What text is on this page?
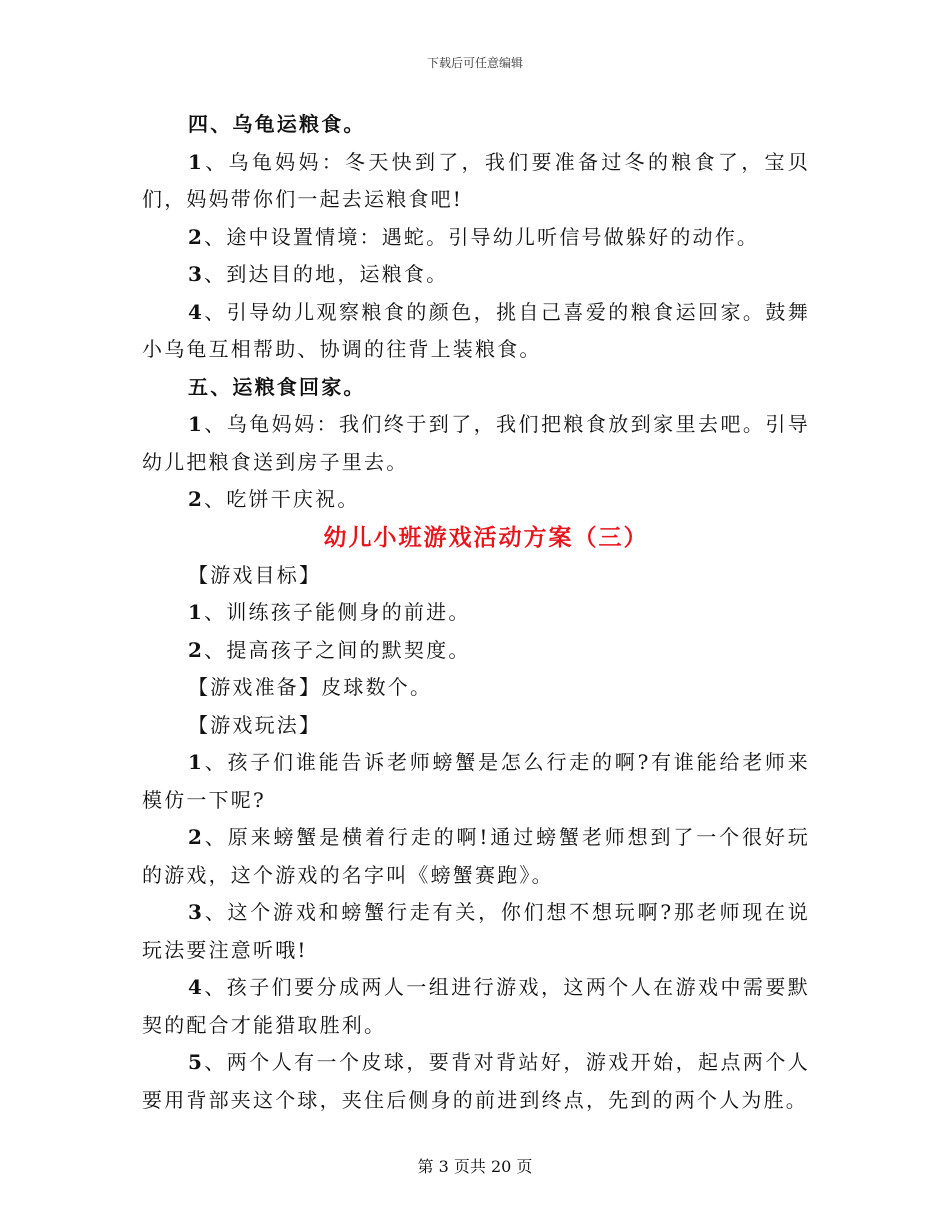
下载后可任意编辑

四、乌龟运粮食。

1、乌龟妈妈：冬天快到了，我们要准备过冬的粮食了，宝贝们，妈妈带你们一起去运粮食吧!

2、途中设置情境：遇蛇。引导幼儿听信号做躲好的动作。

3、到达目的地，运粮食。

4、引导幼儿观察粮食的颜色，挑自己喜爱的粮食运回家。鼓舞小乌龟互相帮助、协调的往背上装粮食。

五、运粮食回家。

1、乌龟妈妈：我们终于到了，我们把粮食放到家里去吧。引导幼儿把粮食送到房子里去。

2、吃饼干庆祝。

幼儿小班游戏活动方案（三）

【游戏目标】

1、训练孩子能侧身的前进。

2、提高孩子之间的默契度。

【游戏准备】皮球数个。

【游戏玩法】

1、孩子们谁能告诉老师螃蟹是怎么行走的啊?有谁能给老师来模仿一下呢?

2、原来螃蟹是横着行走的啊!通过螃蟹老师想到了一个很好玩的游戏，这个游戏的名字叫《螃蟹赛跑》。

3、这个游戏和螃蟹行走有关，你们想不想玩啊?那老师现在说玩法要注意听哦!

4、孩子们要分成两人一组进行游戏，这两个人在游戏中需要默契的配合才能猎取胜利。

5、两个人有一个皮球，要背对背站好，游戏开始，起点两个人要用背部夹这个球，夹住后侧身的前进到终点，先到的两个人为胜。

第 3 页共 20 页
